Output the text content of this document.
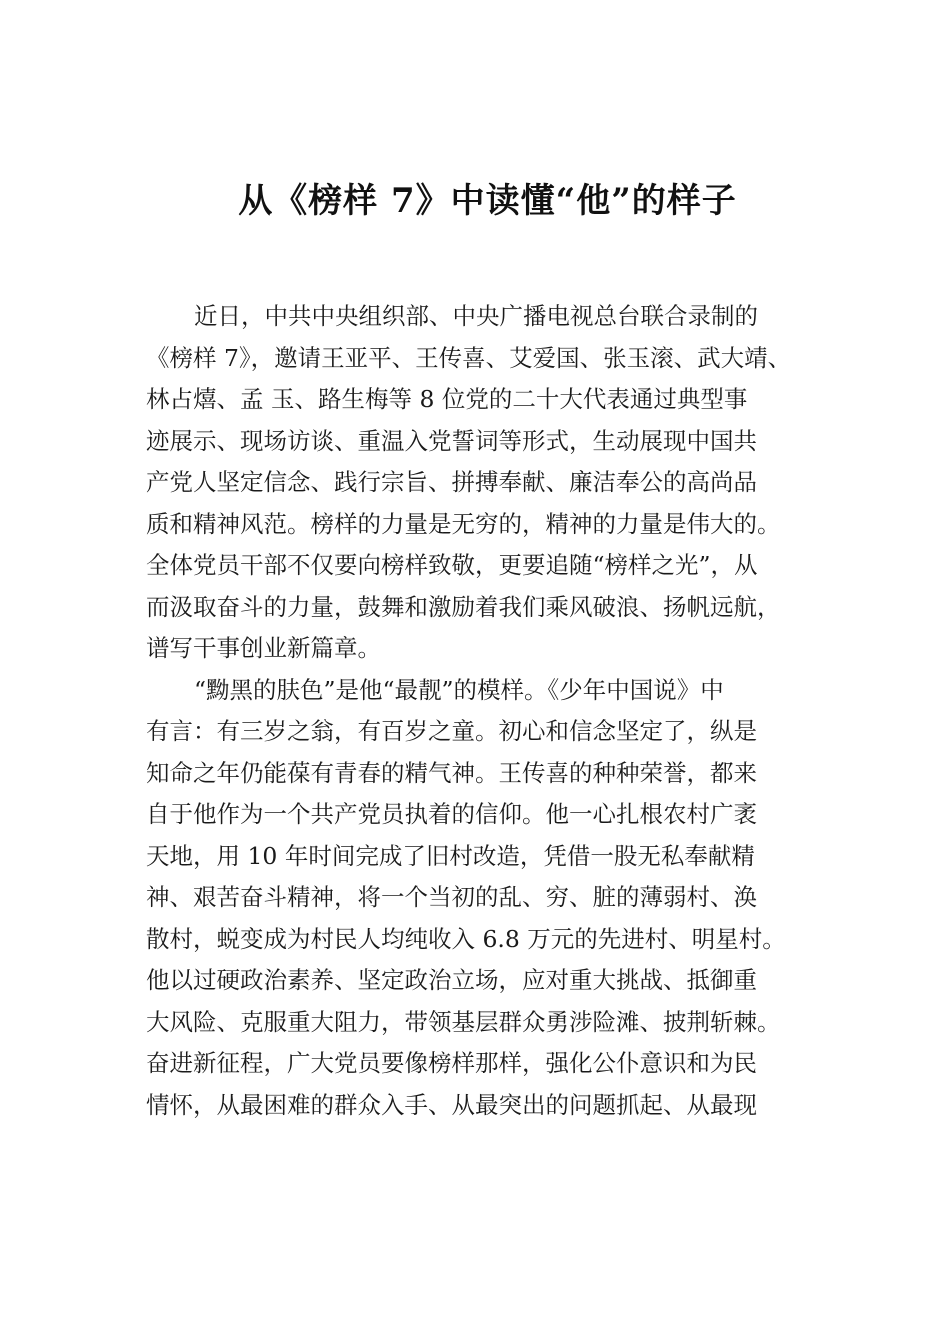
从《榜样 7》中读懂“他”的样子

近日，中共中央组织部、中央广播电视总台联合录制的

《榜样 7》，邀请王亚平、王传喜、艾爱国、张玉滚、武大靖、

林占熺、孟 玉、路生梅等 8 位党的二十大代表通过典型事

迹展示、现场访谈、重温入党誓词等形式，生动展现中国共

产党人坚定信念、践行宗旨、拼搏奉献、廉洁奉公的高尚品

质和精神风范。榜样的力量是无穷的，精神的力量是伟大的。

全体党员干部不仅要向榜样致敬，更要追随“榜样之光”，从

而汲取奋斗的力量，鼓舞和激励着我们乘风破浪、扬帆远航，

谱写干事创业新篇章。

“黝黑的肤色”是他“最靓”的模样。《少年中国说》中

有言：有三岁之翁，有百岁之童。初心和信念坚定了，纵是

知命之年仍能葆有青春的精气神。王传喜的种种荣誉，都来

自于他作为一个共产党员执着的信仰。他一心扎根农村广袤

天地，用 10 年时间完成了旧村改造，凭借一股无私奉献精

神、艰苦奋斗精神，将一个当初的乱、穷、脏的薄弱村、涣

散村，蜕变成为村民人均纯收入 6.8 万元的先进村、明星村。

他以过硬政治素养、坚定政治立场，应对重大挑战、抵御重

大风险、克服重大阻力，带领基层群众勇涉险滩、披荆斩棘。

奋进新征程，广大党员要像榜样那样，强化公仆意识和为民

情怀，从最困难的群众入手、从最突出的问题抓起、从最现
